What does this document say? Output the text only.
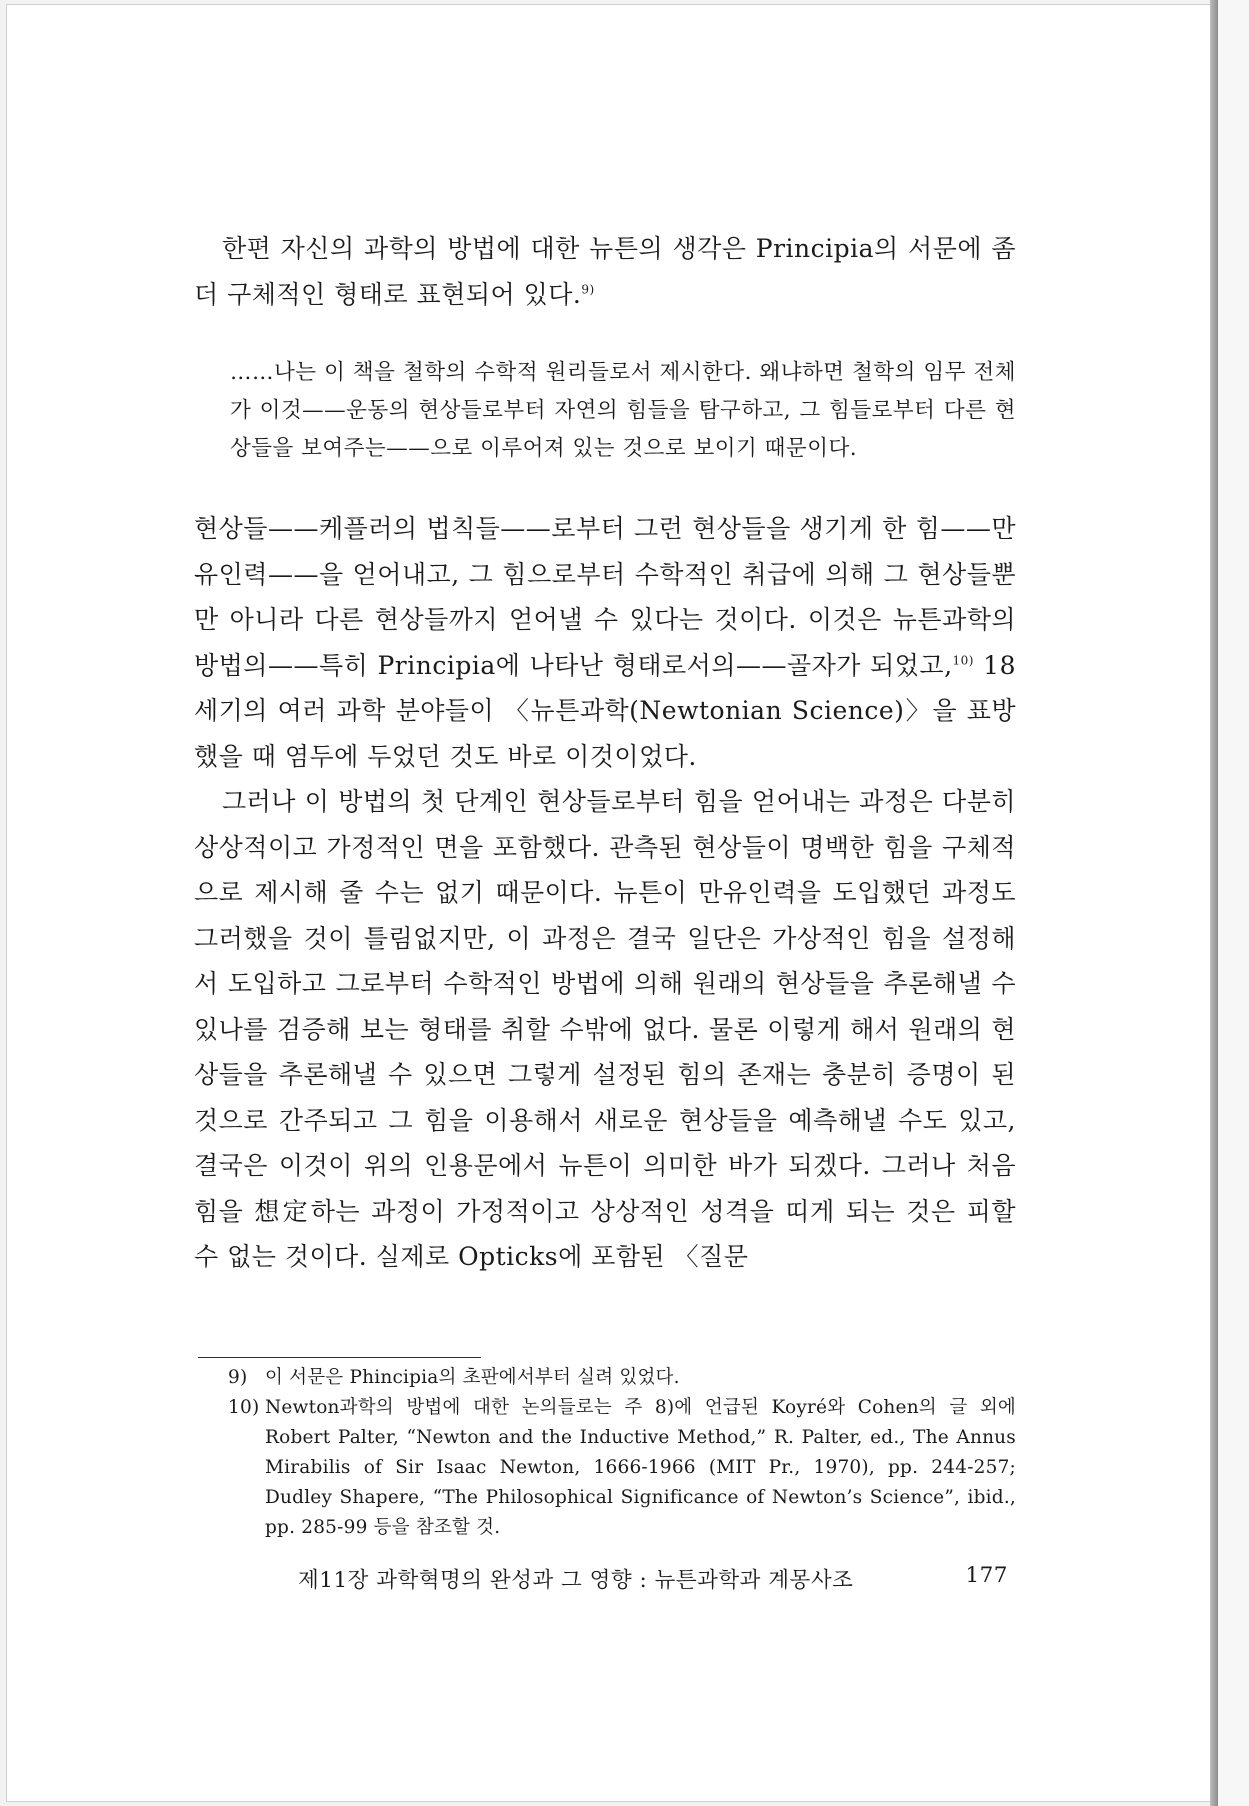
한편 자신의 과학의 방법에 대한 뉴튼의 생각은 Principia의 서문에 좀더 구체적인 형태로 표현되어 있다.$^{9)}$

……나는 이 책을 철학의 수학적 원리들로서 제시한다. 왜냐하면 철학의 임무 전체가 이것——운동의 현상들로부터 자연의 힘들을 탐구하고, 그 힘들로부터 다른 현상들을 보여주는——으로 이루어져 있는 것으로 보이기 때문이다.

현상들——케플러의 법칙들——로부터 그런 현상들을 생기게 한 힘——만유인력——을 얻어내고, 그 힘으로부터 수학적인 취급에 의해 그 현상들뿐만 아니라 다른 현상들까지 얻어낼 수 있다는 것이다. 이것은 뉴튼과학의 방법의——특히 Principia에 나타난 형태로서의——골자가 되었고,$^{10)}$ 18세기의 여러 과학 분야들이 〈뉴튼과학(Newtonian Science)〉을 표방했을 때 염두에 두었던 것도 바로 이것이었다.

그러나 이 방법의 첫 단계인 현상들로부터 힘을 얻어내는 과정은 다분히 상상적이고 가정적인 면을 포함했다. 관측된 현상들이 명백한 힘을 구체적으로 제시해 줄 수는 없기 때문이다. 뉴튼이 만유인력을 도입했던 과정도 그러했을 것이 틀림없지만, 이 과정은 결국 일단은 가상적인 힘을 설정해서 도입하고 그로부터 수학적인 방법에 의해 원래의 현상들을 추론해낼 수 있나를 검증해 보는 형태를 취할 수밖에 없다. 물론 이렇게 해서 원래의 현상들을 추론해낼 수 있으면 그렇게 설정된 힘의 존재는 충분히 증명이 된 것으로 간주되고 그 힘을 이용해서 새로운 현상들을 예측해낼 수도 있고, 결국은 이것이 위의 인용문에서 뉴튼이 의미한 바가 되겠다. 그러나 처음 힘을 想定하는 과정이 가정적이고 상상적인 성격을 띠게 되는 것은 피할 수 없는 것이다. 실제로 Opticks에 포함된 〈질문

9) 이 서문은 Phincipia의 초판에서부터 실려 있었다.
10) Newton과학의 방법에 대한 논의들로는 주 8)에 언급된 Koyré와 Cohen의 글 외에 Robert Palter, “Newton and the Inductive Method,” R. Palter, ed., The Annus Mirabilis of Sir Isaac Newton, 1666-1966 (MIT Pr., 1970), pp. 244-257; Dudley Shapere, “The Philosophical Significance of Newton’s Science”, ibid., pp. 285-99 등을 참조할 것.
제11장 과학혁명의 완성과 그 영향 : 뉴튼과학과 계몽사조	177
